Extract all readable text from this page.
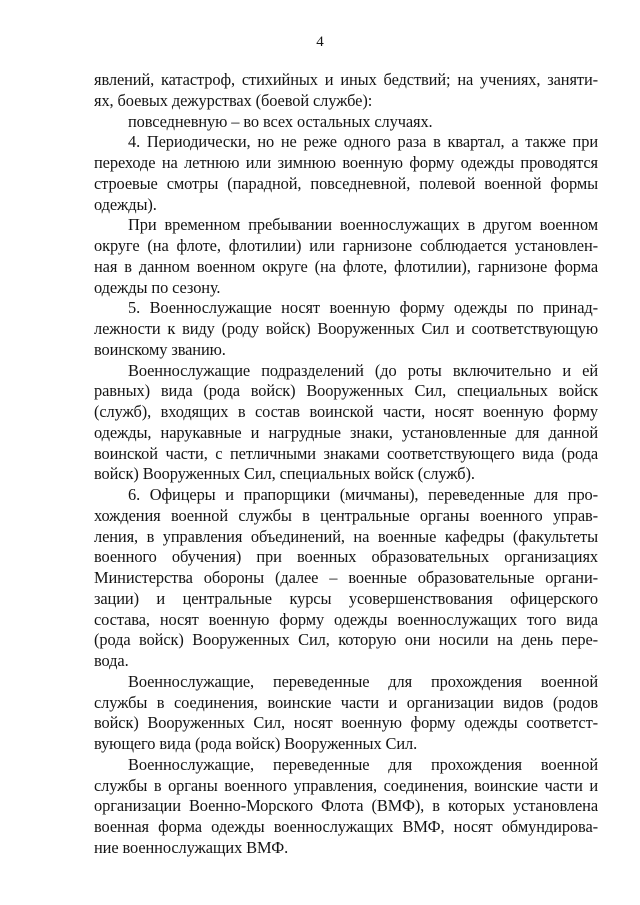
4
явлений, катастроф, стихийных и иных бедствий; на учениях, заняти-
ях, боевых дежурствах (боевой службе):
повседневную – во всех остальных случаях.
4. Периодически, но не реже одного раза в квартал, а также при
переходе на летнюю или зимнюю военную форму одежды проводятся
строевые смотры (парадной, повседневной, полевой военной формы
одежды).
При временном пребывании военнослужащих в другом военном
округе (на флоте, флотилии) или гарнизоне соблюдается установлен-
ная в данном военном округе (на флоте, флотилии), гарнизоне форма
одежды по сезону.
5. Военнослужащие носят военную форму одежды по принад-
лежности к виду (роду войск) Вооруженных Сил и соответствующую
воинскому званию.
Военнослужащие подразделений (до роты включительно и ей
равных) вида (рода войск) Вооруженных Сил, специальных войск
(служб), входящих в состав воинской части, носят военную форму
одежды, нарукавные и нагрудные знаки, установленные для данной
воинской части, с петличными знаками соответствующего вида (рода
войск) Вооруженных Сил, специальных войск (служб).
6. Офицеры и прапорщики (мичманы), переведенные для про-
хождения военной службы в центральные органы военного управ-
ления, в управления объединений, на военные кафедры (факультеты
военного обучения) при военных образовательных организациях
Министерства обороны (далее – военные образовательные органи-
зации) и центральные курсы усовершенствования офицерского
состава, носят военную форму одежды военнослужащих того вида
(рода войск) Вооруженных Сил, которую они носили на день пере-
вода.
Военнослужащие, переведенные для прохождения военной
службы в соединения, воинские части и организации видов (родов
войск) Вооруженных Сил, носят военную форму одежды соответст-
вующего вида (рода войск) Вооруженных Сил.
Военнослужащие, переведенные для прохождения военной
службы в органы военного управления, соединения, воинские части и
организации Военно-Морского Флота (ВМФ), в которых установлена
военная форма одежды военнослужащих ВМФ, носят обмундирова-
ние военнослужащих ВМФ.
